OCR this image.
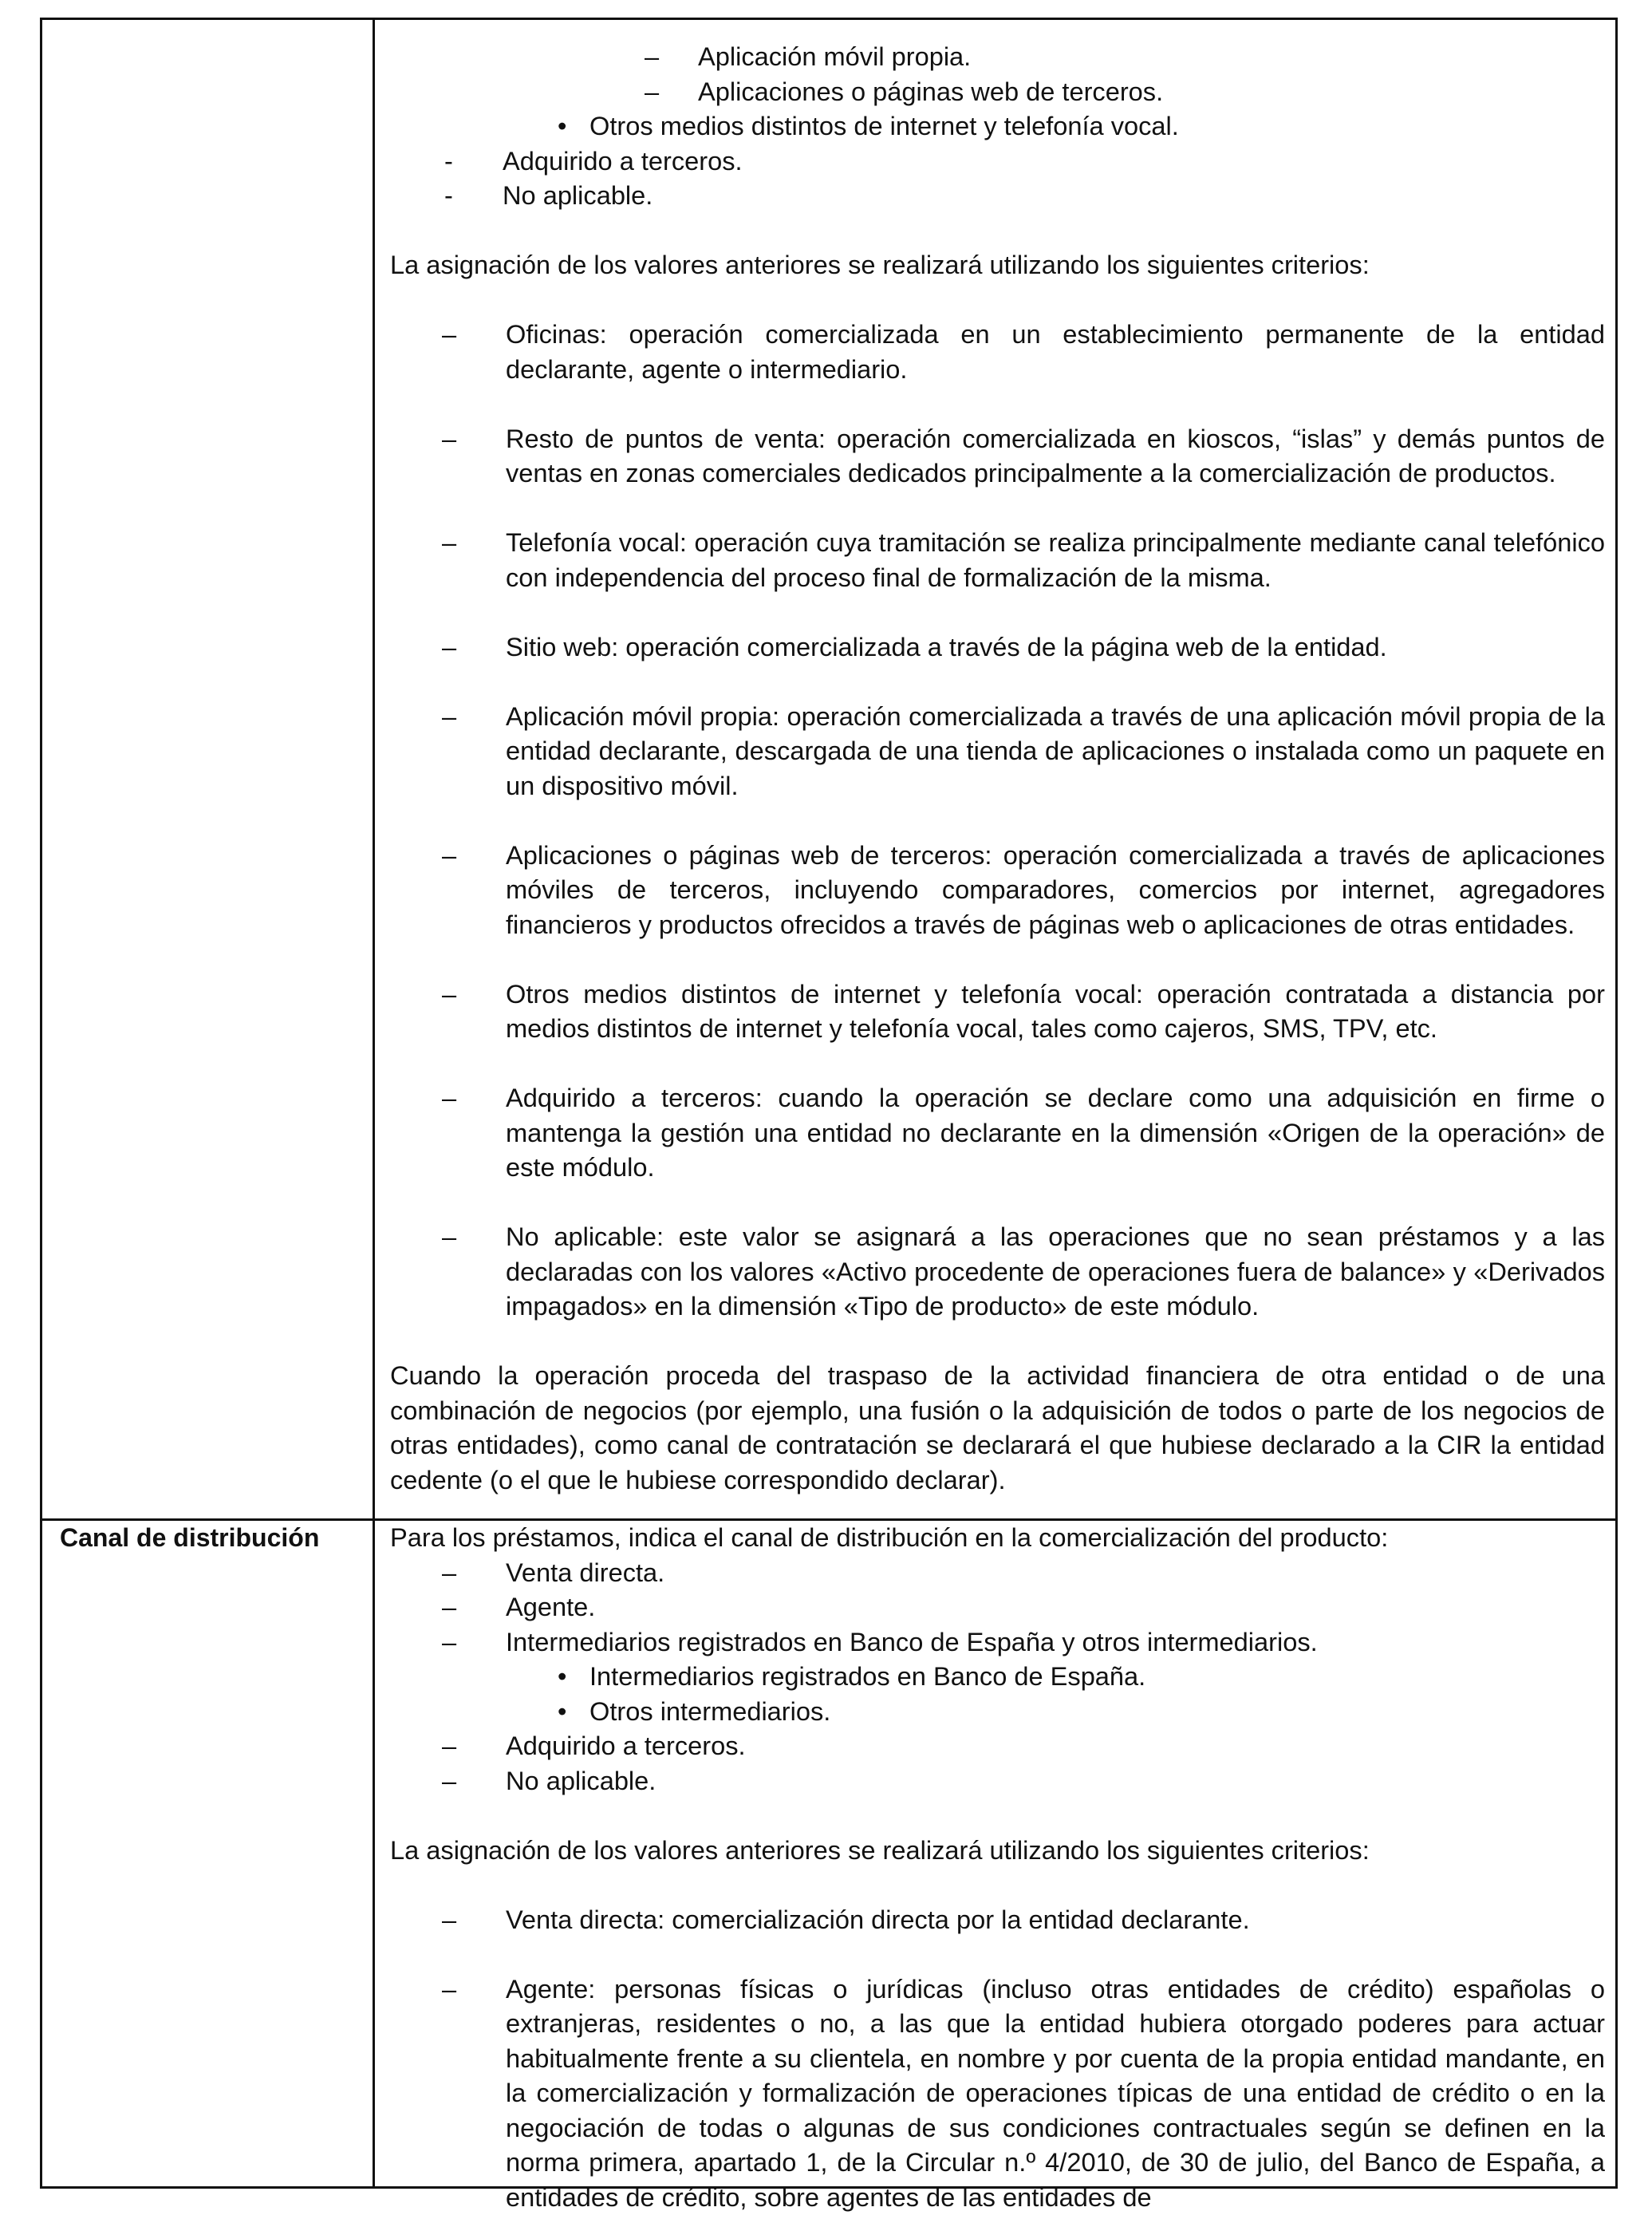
– Aplicación móvil propia.
– Aplicaciones o páginas web de terceros.
• Otros medios distintos de internet y telefonía vocal.
- Adquirido a terceros.
- No aplicable.
La asignación de los valores anteriores se realizará utilizando los siguientes criterios:
– Oficinas: operación comercializada en un establecimiento permanente de la entidad declarante, agente o intermediario.
– Resto de puntos de venta: operación comercializada en kioscos, “islas” y demás puntos de ventas en zonas comerciales dedicados principalmente a la comercialización de productos.
– Telefonía vocal: operación cuya tramitación se realiza principalmente mediante canal telefónico con independencia del proceso final de formalización de la misma.
– Sitio web: operación comercializada a través de la página web de la entidad.
– Aplicación móvil propia: operación comercializada a través de una aplicación móvil propia de la entidad declarante, descargada de una tienda de aplicaciones o instalada como un paquete en un dispositivo móvil.
– Aplicaciones o páginas web de terceros: operación comercializada a través de aplicaciones móviles de terceros, incluyendo comparadores, comercios por internet, agregadores financieros y productos ofrecidos a través de páginas web o aplicaciones de otras entidades.
– Otros medios distintos de internet y telefonía vocal: operación contratada a distancia por medios distintos de internet y telefonía vocal, tales como cajeros, SMS, TPV, etc.
– Adquirido a terceros: cuando la operación se declare como una adquisición en firme o mantenga la gestión una entidad no declarante en la dimensión «Origen de la operación» de este módulo.
– No aplicable: este valor se asignará a las operaciones que no sean préstamos y a las declaradas con los valores «Activo procedente de operaciones fuera de balance» y «Derivados impagados» en la dimensión «Tipo de producto» de este módulo.
Cuando la operación proceda del traspaso de la actividad financiera de otra entidad o de una combinación de negocios (por ejemplo, una fusión o la adquisición de todos o parte de los negocios de otras entidades), como canal de contratación se declarará el que hubiese declarado a la CIR la entidad cedente (o el que le hubiese correspondido declarar).
Canal de distribución	Para los préstamos, indica el canal de distribución en la comercialización del producto:
– Venta directa.
– Agente.
– Intermediarios registrados en Banco de España y otros intermediarios.
• Intermediarios registrados en Banco de España.
• Otros intermediarios.
– Adquirido a terceros.
– No aplicable.
La asignación de los valores anteriores se realizará utilizando los siguientes criterios:
– Venta directa: comercialización directa por la entidad declarante.
– Agente: personas físicas o jurídicas (incluso otras entidades de crédito) españolas o extranjeras, residentes o no, a las que la entidad hubiera otorgado poderes para actuar habitualmente frente a su clientela, en nombre y por cuenta de la propia entidad mandante, en la comercialización y formalización de operaciones típicas de una entidad de crédito o en la negociación de todas o algunas de sus condiciones contractuales según se definen en la norma primera, apartado 1, de la Circular n.º 4/2010, de 30 de julio, del Banco de España, a entidades de crédito, sobre agentes de las entidades de
